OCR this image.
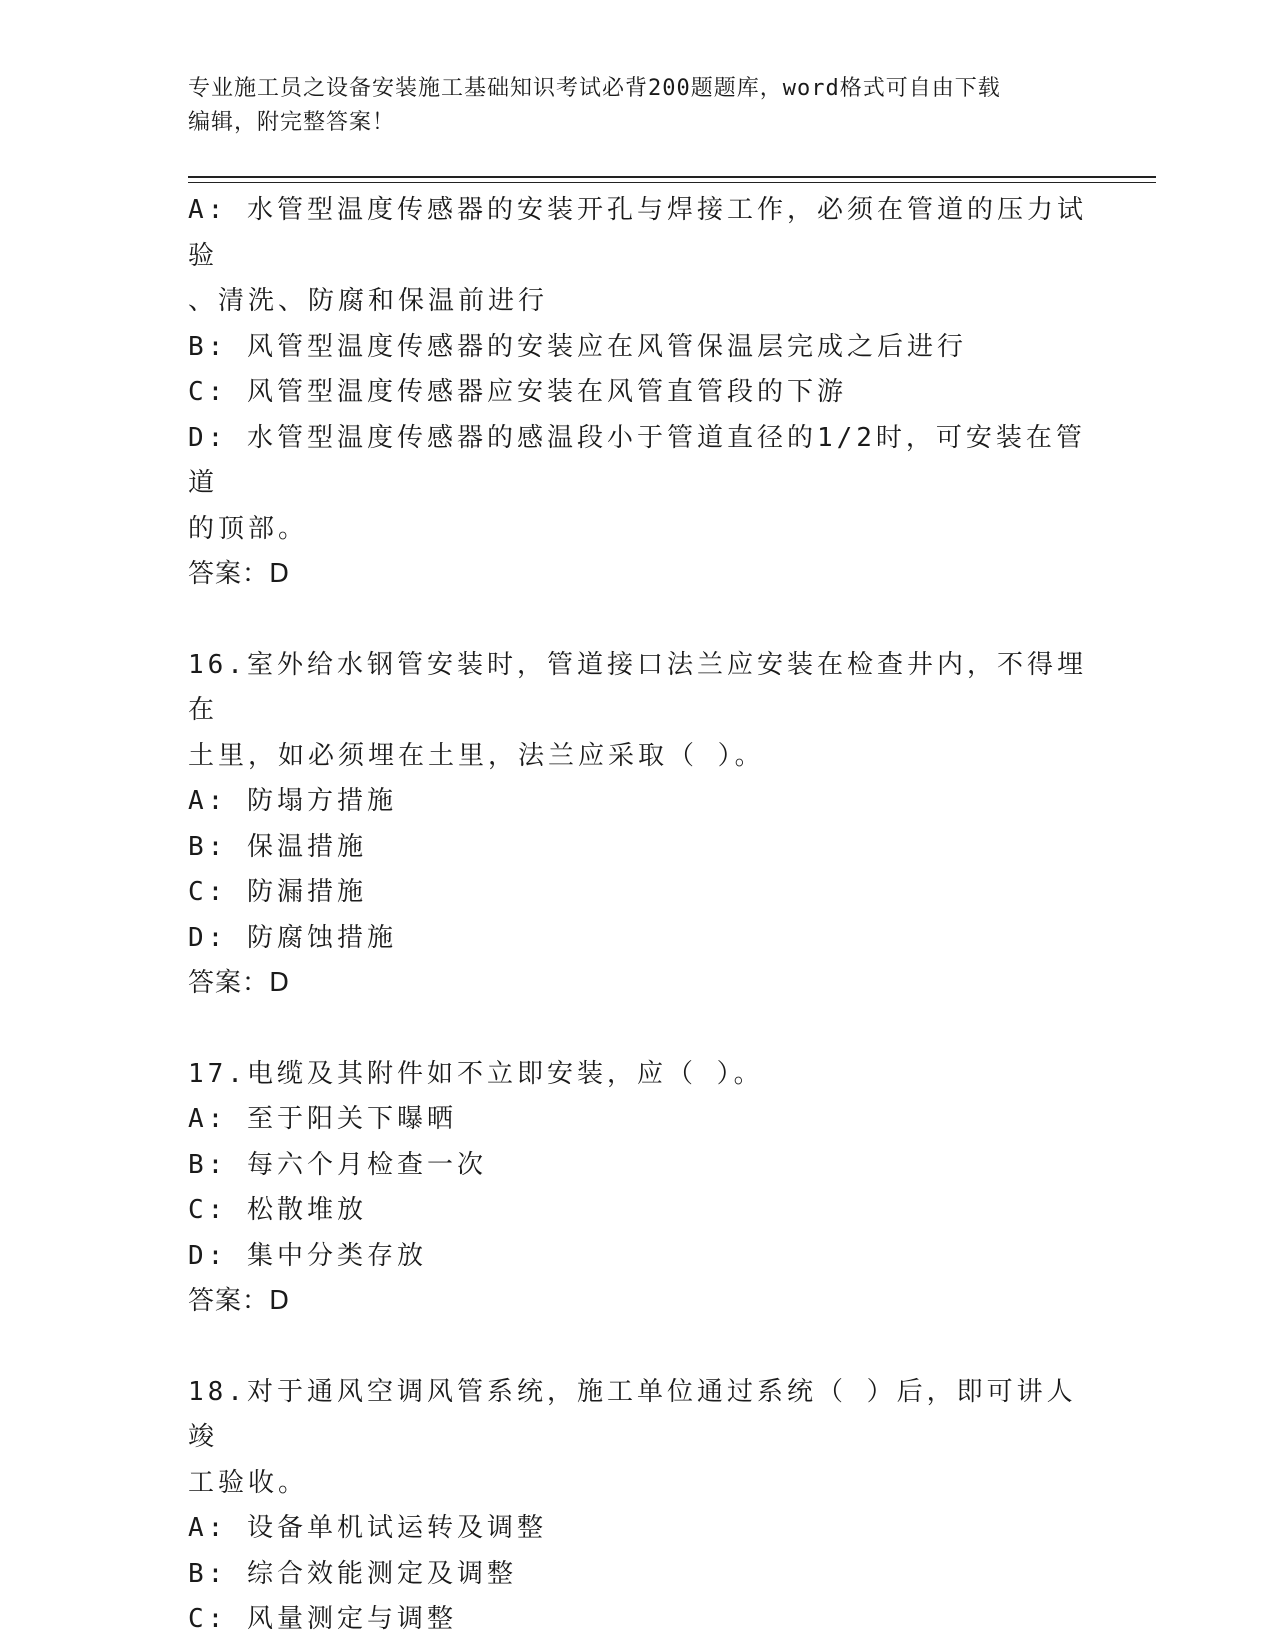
专业施工员之设备安装施工基础知识考试必背200题题库，word格式可自由下载
编辑，附完整答案！

A: 水管型温度传感器的安装开孔与焊接工作，必须在管道的压力试验

、清洗、防腐和保温前进行

B: 风管型温度传感器的安装应在风管保温层完成之后进行

C: 风管型温度传感器应安装在风管直管段的下游

D: 水管型温度传感器的感温段小于管道直径的1/2时，可安装在管道

的顶部。

答案：D

16.室外给水钢管安装时，管道接口法兰应安装在检查井内，不得埋在

土里，如必须埋在土里，法兰应采取（ ）。

A: 防塌方措施

B: 保温措施

C: 防漏措施

D: 防腐蚀措施

答案：D

17.电缆及其附件如不立即安装，应（ ）。

A: 至于阳关下曝晒

B: 每六个月检查一次

C: 松散堆放

D: 集中分类存放

答案：D

18.对于通风空调风管系统，施工单位通过系统（ ）后，即可讲人竣

工验收。

A: 设备单机试运转及调整

B: 综合效能测定及调整

C: 风量测定与调整
